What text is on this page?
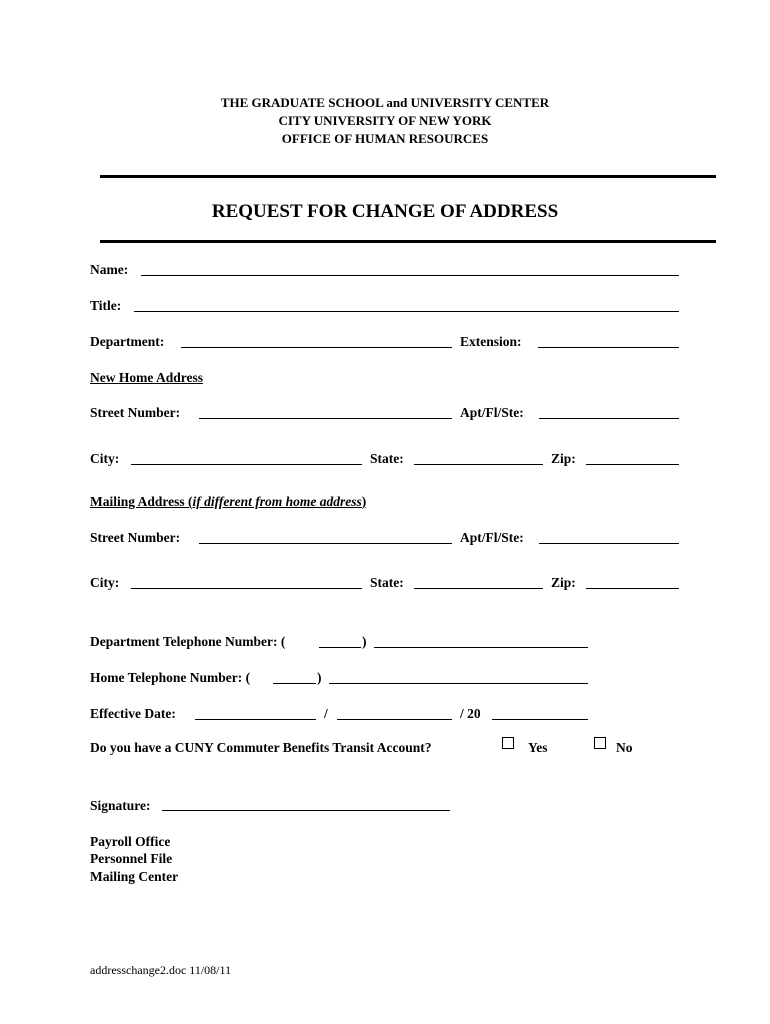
THE GRADUATE SCHOOL and UNIVERSITY CENTER
CITY UNIVERSITY OF NEW YORK
OFFICE OF HUMAN RESOURCES
REQUEST FOR CHANGE OF ADDRESS
Name:
Title:
Department:	Extension:
New Home Address
Street Number:	Apt/Fl/Ste:
City:	State:	Zip:
Mailing Address (if different from home address)
Street Number:	Apt/Fl/Ste:
City:	State:	Zip:
Department Telephone Number: (	)
Home Telephone Number: (	)
Effective Date:	/	/ 20
Do you have a CUNY Commuter Benefits Transit Account?	Yes	No
Signature:
Payroll Office
Personnel File
Mailing Center
addresschange2.doc 11/08/11
